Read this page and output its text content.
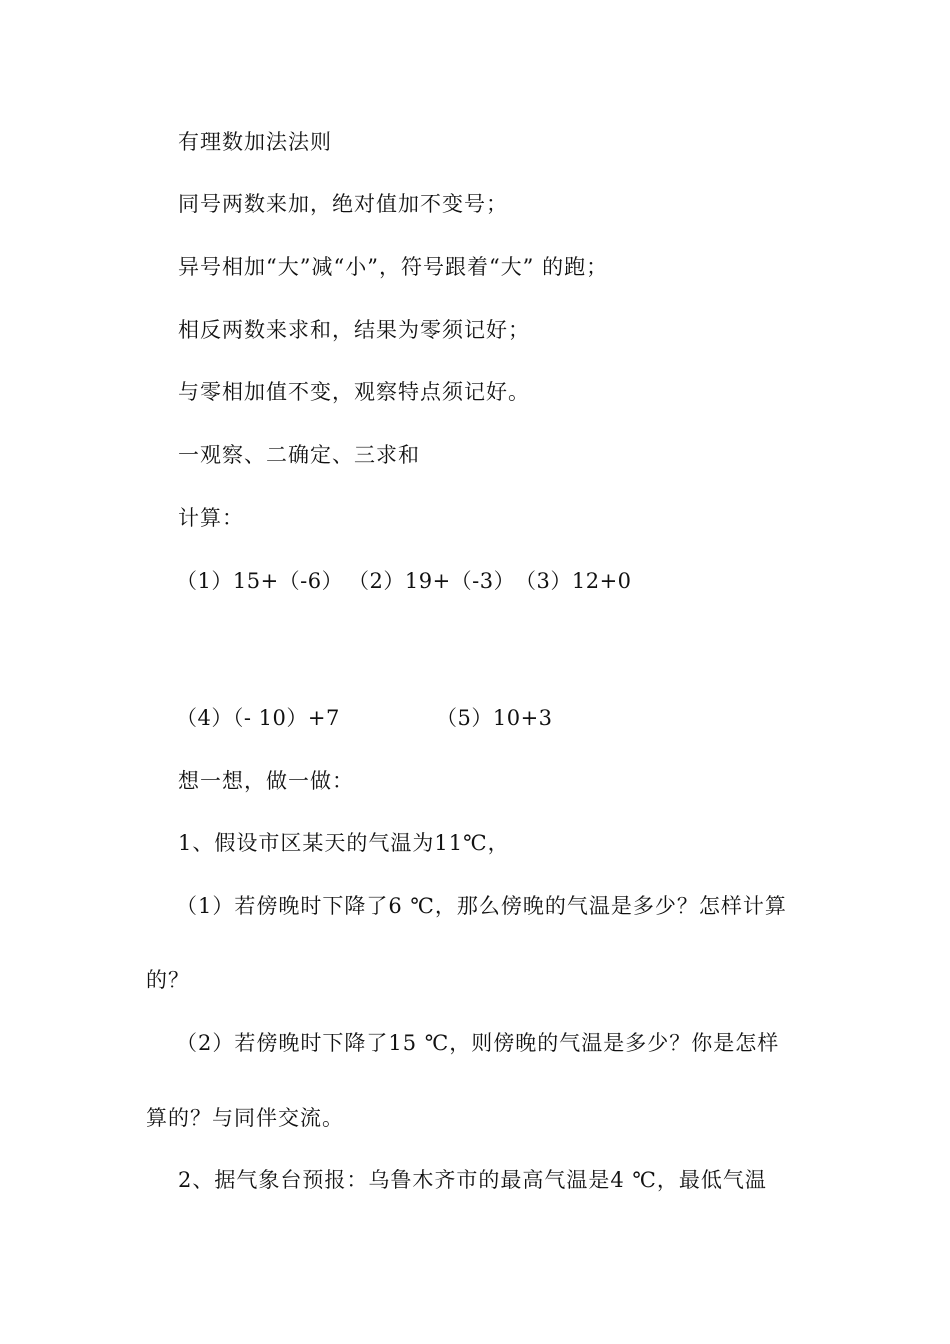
有理数加法法则
同号两数来加，绝对值加不变号；
异号相加“大”减“小”，符号跟着“大” 的跑；
相反两数来求和，结果为零须记好；
与零相加值不变，观察特点须记好。
一观察、二确定、三求和
计算：
（1）15+（-6） （2）19+（-3） （3）12+0
（4）（- 10）+7	（5）10+3
想一想，做一做：
1、假设市区某天的气温为11℃，
（1）若傍晚时下降了6 ℃，那么傍晚的气温是多少？怎样计算
的？
（2）若傍晚时下降了15 ℃，则傍晚的气温是多少？你是怎样
算的？与同伴交流。
2、据气象台预报：乌鲁木齐市的最高气温是4 ℃，最低气温
